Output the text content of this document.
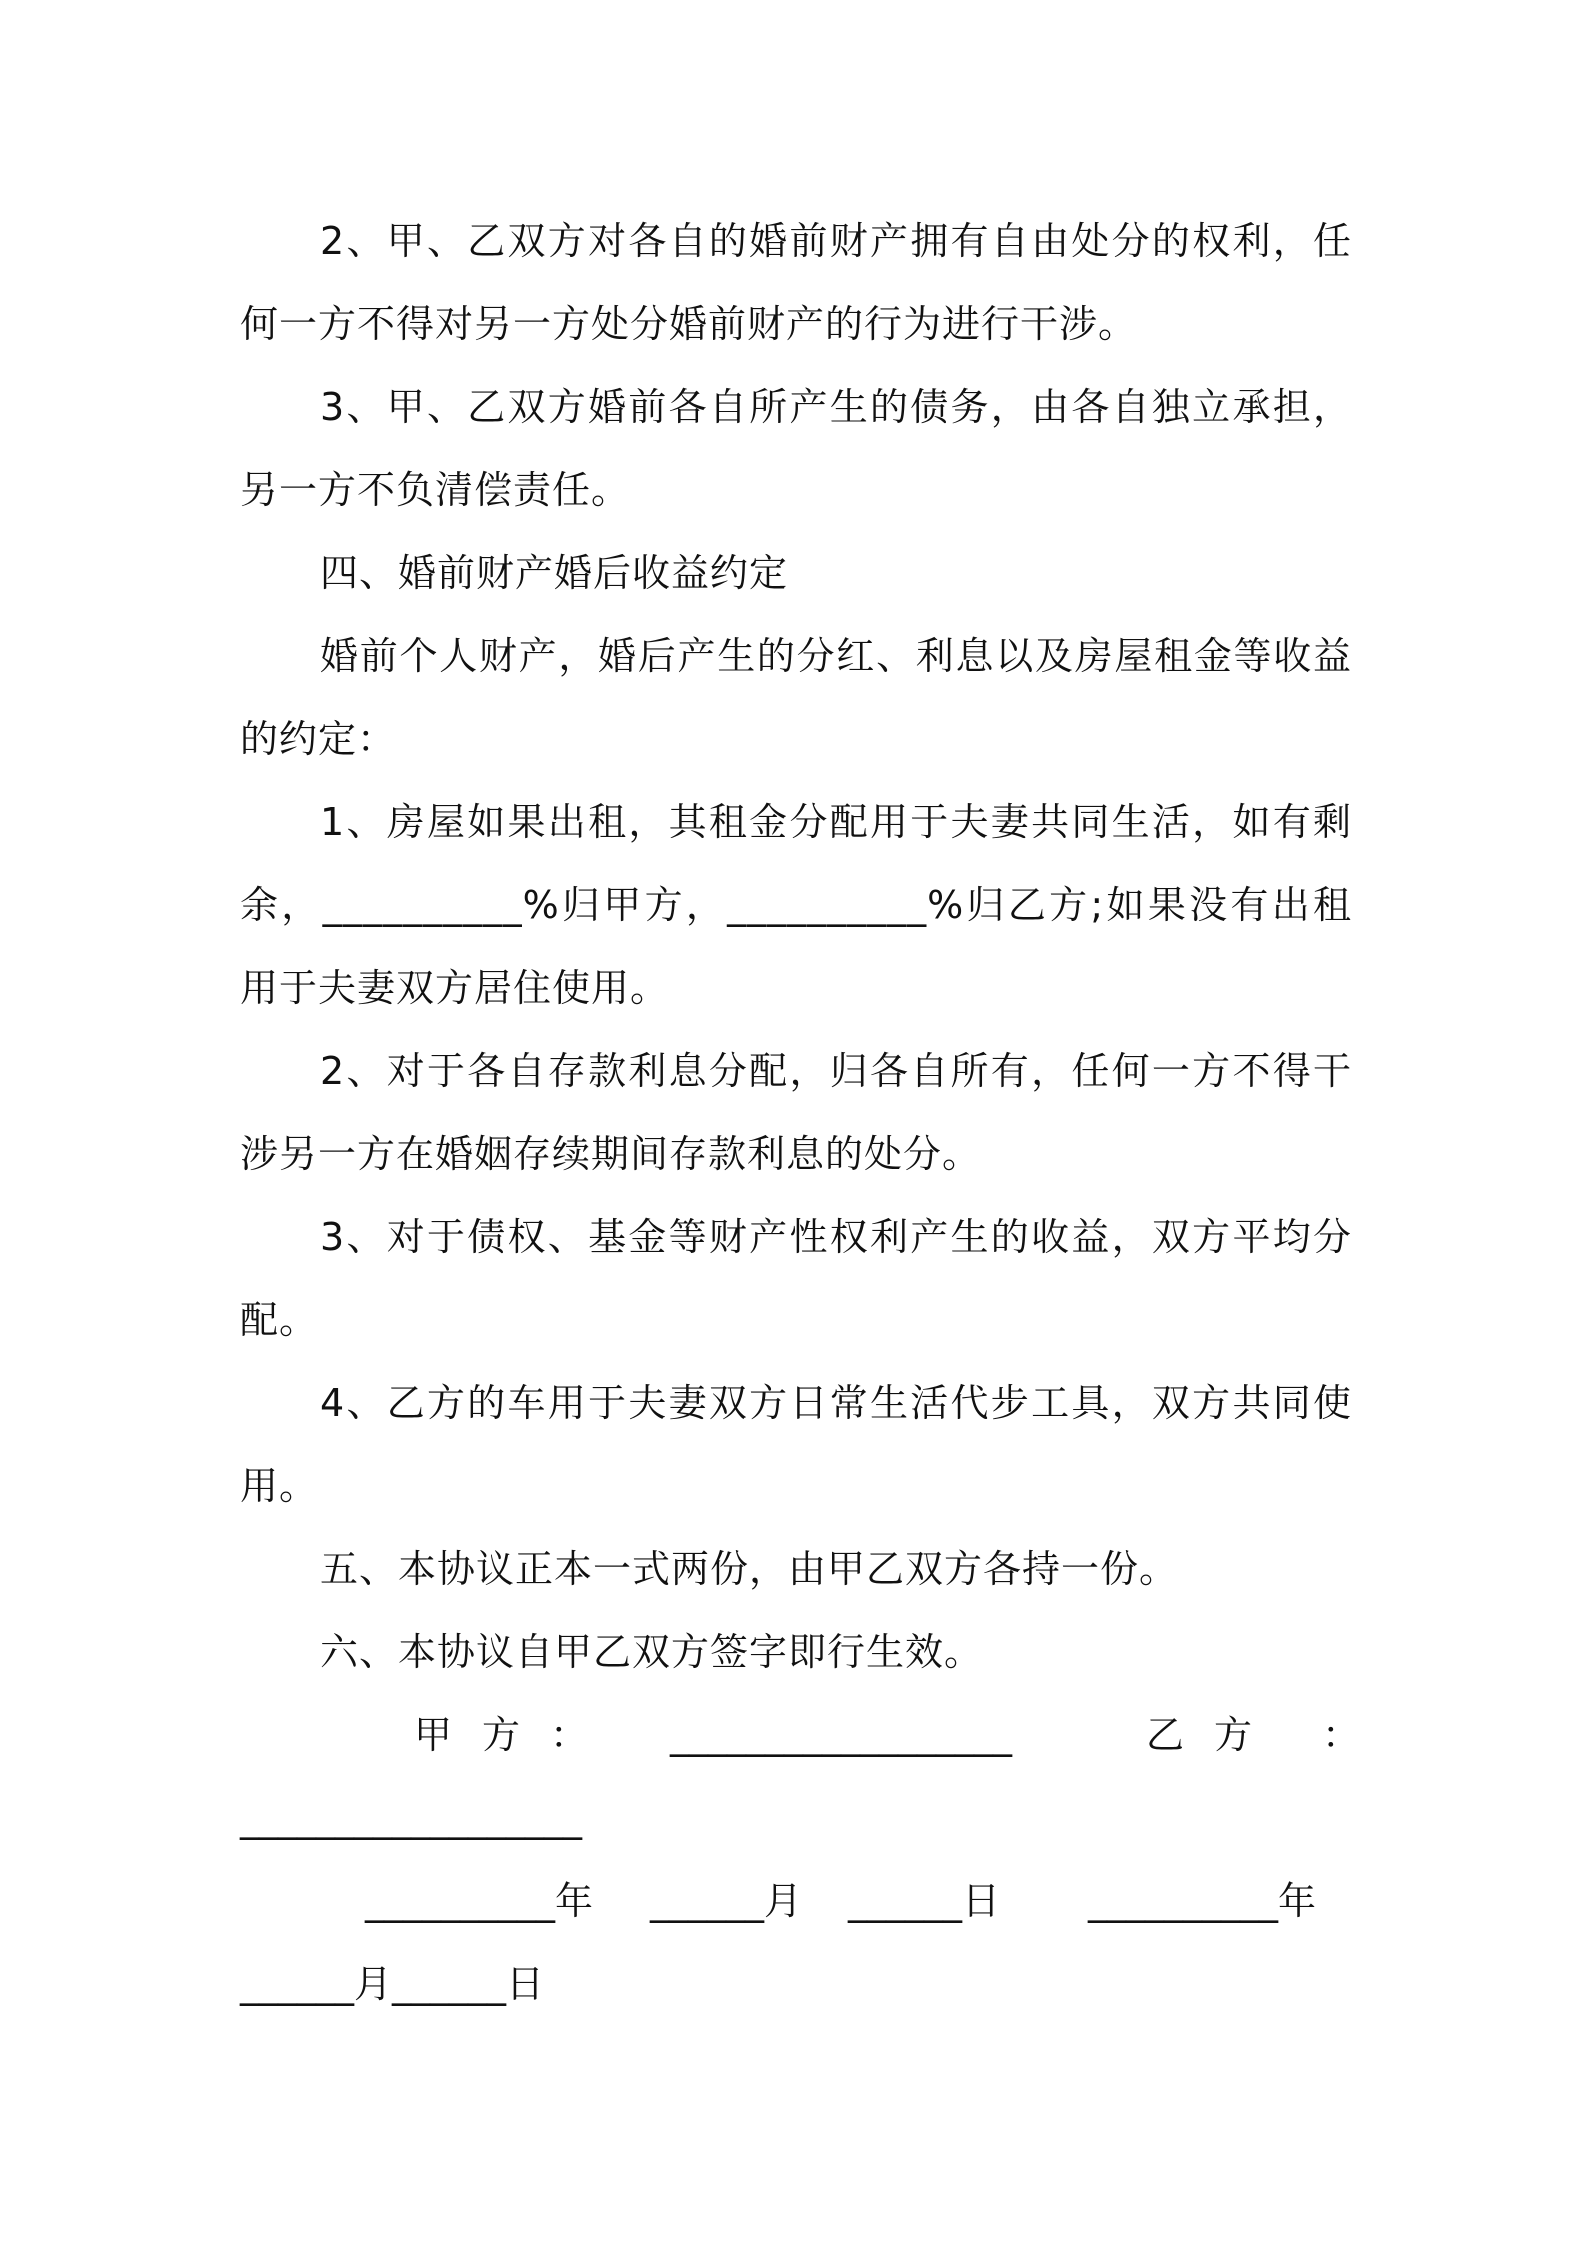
2、甲、乙双方对各自的婚前财产拥有自由处分的权利，任何一方不得对另一方处分婚前财产的行为进行干涉。

3、甲、乙双方婚前各自所产生的债务，由各自独立承担，另一方不负清偿责任。

四、婚前财产婚后收益约定

婚前个人财产，婚后产生的分红、利息以及房屋租金等收益的约定：

1、房屋如果出租，其租金分配用于夫妻共同生活，如有剩余，__________%归甲方，__________%归乙方;如果没有出租用于夫妻双方居住使用。

2、对于各自存款利息分配，归各自所有，任何一方不得干涉另一方在婚姻存续期间存款利息的处分。

3、对于债权、基金等财产性权利产生的收益，双方平均分配。

4、乙方的车用于夫妻双方日常生活代步工具，双方共同使用。

五、本协议正本一式两份，由甲乙双方各持一份。

六、本协议自甲乙双方签字即行生效。

甲方： __________________	乙方 ：
__________________
__________年 ______月 ______日 __________年
______月______日
